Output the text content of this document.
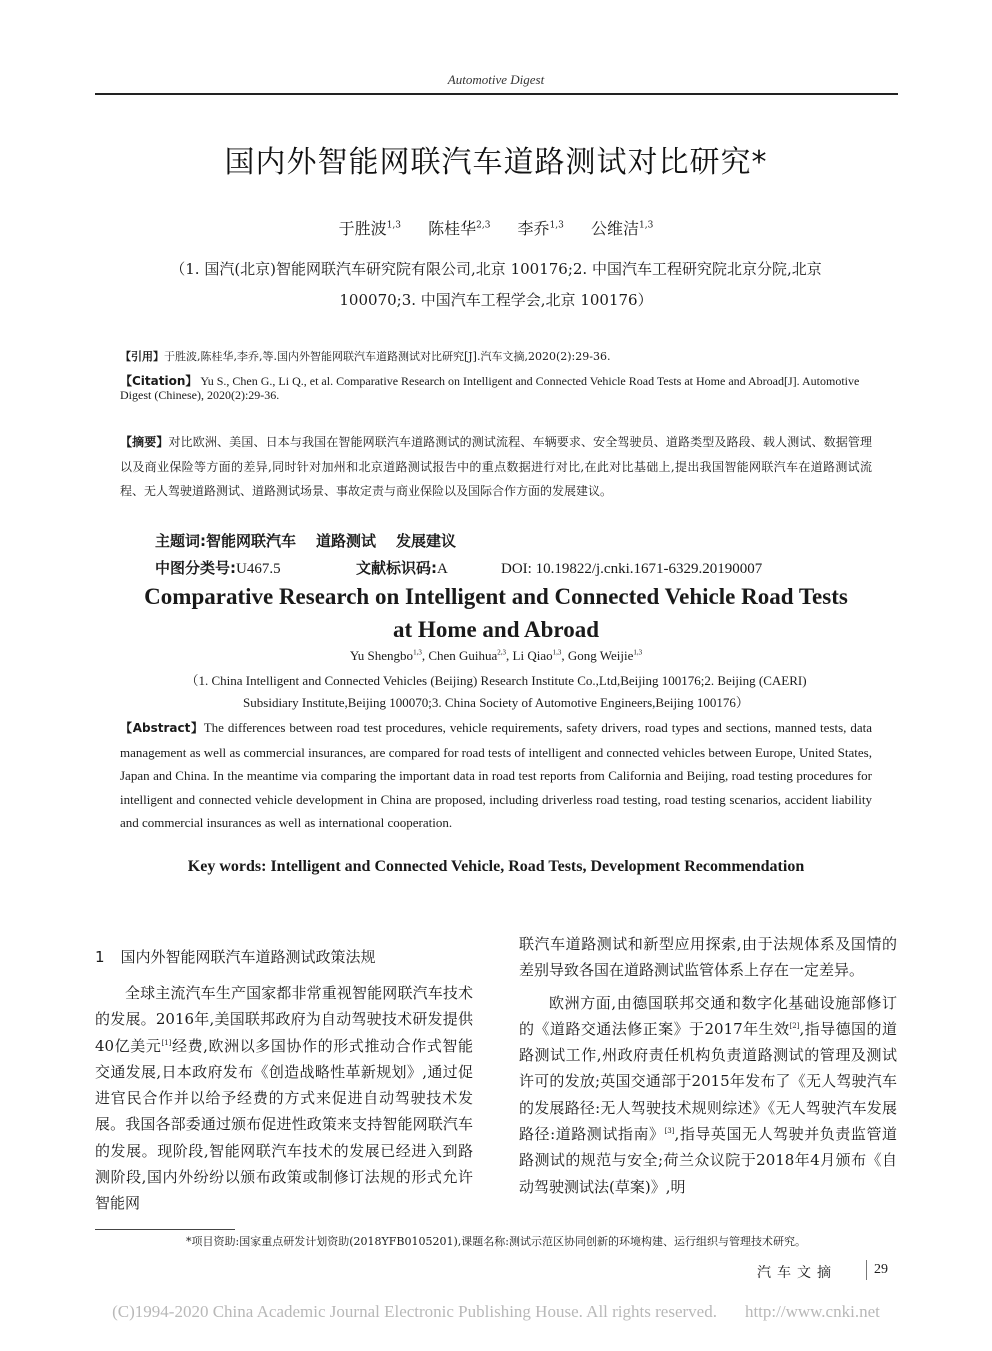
Automotive Digest
国内外智能网联汽车道路测试对比研究*
于胜波$^{1,3}$ 陈桂华$^{2,3}$ 李乔$^{1,3}$ 公维洁$^{1,3}$
（1. 国汽(北京)智能网联汽车研究院有限公司,北京 100176;2. 中国汽车工程研究院北京分院,北京
100070;3. 中国汽车工程学会,北京 100176）
【引用】于胜波,陈桂华,李乔,等.国内外智能网联汽车道路测试对比研究[J].汽车文摘,2020(2):29-36.
【Citation】 Yu S., Chen G., Li Q., et al. Comparative Research on Intelligent and Connected Vehicle Road Tests at Home and Abroad[J]. Automotive Digest (Chinese), 2020(2):29-36.
【摘要】对比欧洲、美国、日本与我国在智能网联汽车道路测试的测试流程、车辆要求、安全驾驶员、道路类型及路段、载人测试、数据管理以及商业保险等方面的差异,同时针对加州和北京道路测试报告中的重点数据进行对比,在此对比基础上,提出我国智能网联汽车在道路测试流程、无人驾驶道路测试、道路测试场景、事故定责与商业保险以及国际合作方面的发展建议。
主题词:智能网联汽车 道路测试 发展建议
中图分类号:U467.5	文献标识码:A	DOI: 10.19822/j.cnki.1671-6329.20190007
Comparative Research on Intelligent and Connected Vehicle Road Tests
at Home and Abroad
Yu Shengbo$^{1,3}$, Chen Guihua$^{2,3}$, Li Qiao$^{1,3}$, Gong Weijie$^{1,3}$
（1. China Intelligent and Connected Vehicles (Beijing) Research Institute Co.,Ltd,Beijing 100176;2. Beijing (CAERI)
Subsidiary Institute,Beijing 100070;3. China Society of Automotive Engineers,Beijing 100176）
【Abstract】The differences between road test procedures, vehicle requirements, safety drivers, road types and sections, manned tests, data management as well as commercial insurances, are compared for road tests of intelligent and connected vehicles between Europe, United States, Japan and China. In the meantime via comparing the important data in road test reports from California and Beijing, road testing procedures for intelligent and connected vehicle development in China are proposed, including driverless road testing, road testing scenarios, accident liability and commercial insurances as well as international cooperation.
Key words: Intelligent and Connected Vehicle, Road Tests, Development Recommendation
1 国内外智能网联汽车道路测试政策法规

全球主流汽车生产国家都非常重视智能网联汽车技术的发展。2016年,美国联邦政府为自动驾驶技术研发提供40亿美元[1]经费,欧洲以多国协作的形式推动合作式智能交通发展,日本政府发布《创造战略性革新规划》,通过促进官民合作并以给予经费的方式来促进自动驾驶技术发展。我国各部委通过颁布促进性政策来支持智能网联汽车的发展。现阶段,智能网联汽车技术的发展已经进入到路测阶段,国内外纷纷以颁布政策或制修订法规的形式允许智能网

联汽车道路测试和新型应用探索,由于法规体系及国情的差别导致各国在道路测试监管体系上存在一定差异。

欧洲方面,由德国联邦交通和数字化基础设施部修订的《道路交通法修正案》于2017年生效[2],指导德国的道路测试工作,州政府责任机构负责道路测试的管理及测试许可的发放;英国交通部于2015年发布了《无人驾驶汽车的发展路径:无人驾驶技术规则综述》《无人驾驶汽车发展路径:道路测试指南》[3],指导英国无人驾驶并负责监管道路测试的规范与安全;荷兰众议院于2018年4月颁布《自动驾驶测试法(草案)》,明

*项目资助:国家重点研发计划资助(2018YFB0105201),课题名称:测试示范区协同创新的环境构建、运行组织与管理技术研究。
汽车文摘	29
(C)1994-2020 China Academic Journal Electronic Publishing House. All rights reserved. http://www.cnki.net
